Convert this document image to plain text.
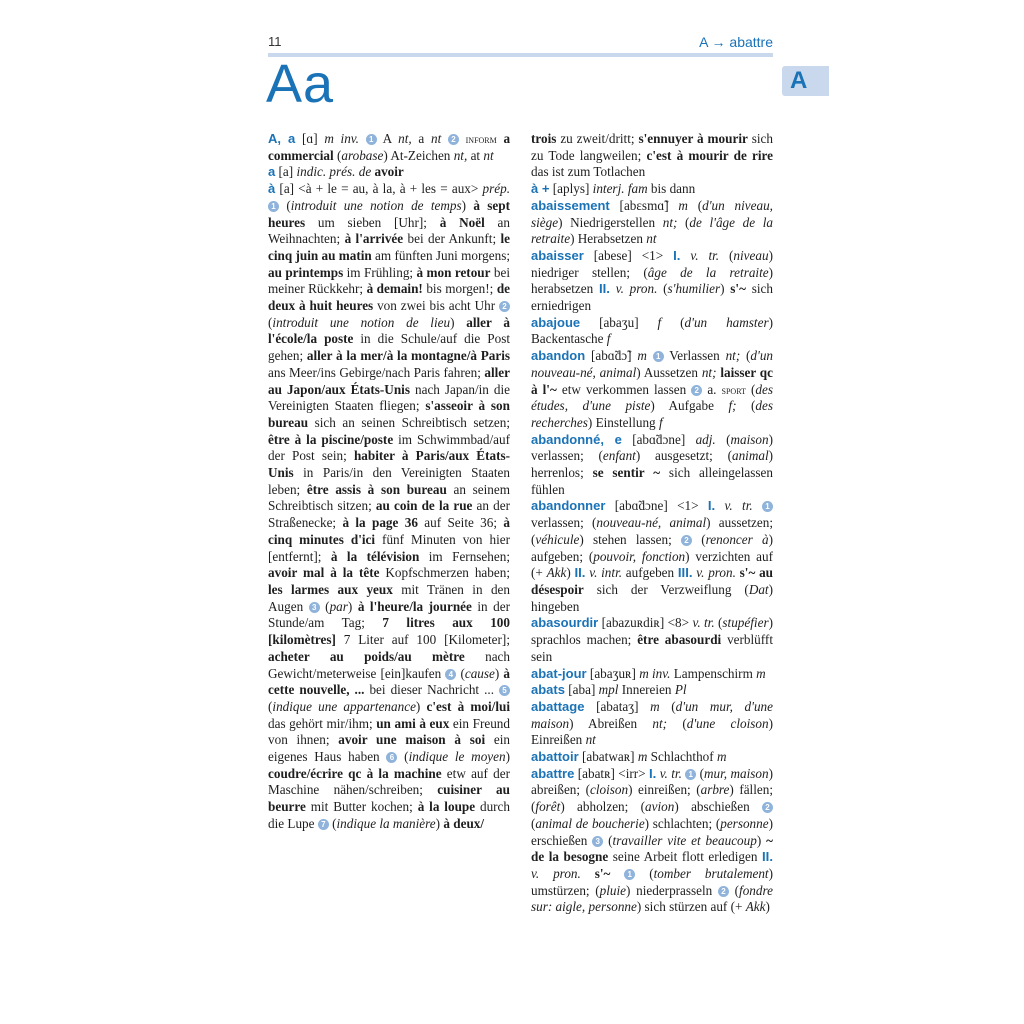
11	A → abattre
Aa	A

A, a [ɑ] m inv. 1 A nt, a nt 2 inform a commercial (arobase) At-Zeichen nt, at nt

a [a] indic. prés. de avoir

à [a] <à + le = au, à la, à + les = aux> prép. 1 (introduit une notion de temps) à sept heures um sieben [Uhr]; à Noël an Weihnachten; à l'arrivée bei der Ankunft; le cinq juin au matin am fünften Juni morgens; au printemps im Frühling; à mon retour bei meiner Rückkehr; à demain! bis morgen!; de deux à huit heures von zwei bis acht Uhr 2 (introduit une notion de lieu) aller à l'école/la poste in die Schule/auf die Post gehen; aller à la mer/à la montagne/à Paris ans Meer/ins Gebirge/nach Paris fahren; aller au Japon/aux États-Unis nach Japan/in die Vereinigten Staaten fliegen; s'asseoir à son bureau sich an seinen Schreibtisch setzen; être à la piscine/poste im Schwimmbad/auf der Post sein; habiter à Paris/aux États-Unis in Paris/in den Vereinigten Staaten leben; être assis à son bureau an seinem Schreibtisch sitzen; au coin de la rue an der Straßenecke; à la page 36 auf Seite 36; à cinq minutes d'ici fünf Minuten von hier [entfernt]; à la télévision im Fernsehen; avoir mal à la tête Kopfschmerzen haben; les larmes aux yeux mit Tränen in den Augen 3 (par) à l'heure/la journée in der Stunde/am Tag; 7 litres aux 100 [kilomètres] 7 Liter auf 100 [Kilometer]; acheter au poids/au mètre nach Gewicht/meterweise [ein]kaufen 4 (cause) à cette nouvelle, ... bei dieser Nachricht ... 5 (indique une appartenance) c'est à moi/lui das gehört mir/ihm; un ami à eux ein Freund von ihnen; avoir une maison à soi ein eigenes Haus haben 6 (indique le moyen) coudre/écrire qc à la machine etw auf der Maschine nähen/schreiben; cuisiner au beurre mit Butter kochen; à la loupe durch die Lupe 7 (indique la manière) à deux/

trois zu zweit/dritt; s'ennuyer à mourir sich zu Tode langweilen; c'est à mourir de rire das ist zum Totlachen

à + [aplys] interj. fam bis dann

abaissement [abɛsmɑ̃] m (d'un niveau, siège) Niedrigerstellen nt; (de l'âge de la retraite) Herabsetzen nt

abaisser [abese] <1> I. v. tr. (niveau) niedriger stellen; (âge de la retraite) herabsetzen II. v. pron. (s'humilier) s'~ sich erniedrigen

abajoue [abaʒu] f (d'un hamster) Backentasche f

abandon [abɑ̃dɔ̃] m 1 Verlassen nt; (d'un nouveau-né, animal) Aussetzen nt; laisser qc à l'~ etw verkommen lassen 2 a. sport (des études, d'une piste) Aufgabe f; (des recherches) Einstellung f

abandonné, e [abɑ̃dɔne] adj. (maison) verlassen; (enfant) ausgesetzt; (animal) herrenlos; se sentir ~ sich alleingelassen fühlen

abandonner [abɑ̃dɔne] <1> I. v. tr. 1 verlassen; (nouveau-né, animal) aussetzen; (véhicule) stehen lassen; 2 (renoncer à) aufgeben; (pouvoir, fonction) verzichten auf (+ Akk) II. v. intr. aufgeben III. v. pron. s'~ au désespoir sich der Verzweiflung (Dat) hingeben

abasourdir [abazuʀdiʀ] <8> v. tr. (stupéfier) sprachlos machen; être abasourdi verblüfft sein

abat-jour [abaʒuʀ] m inv. Lampenschirm m

abats [aba] mpl Innereien Pl

abattage [abataʒ] m (d'un mur, d'une maison) Abreißen nt; (d'une cloison) Einreißen nt

abattoir [abatwaʀ] m Schlachthof m

abattre [abatʀ] <irr> I. v. tr. 1 (mur, maison) abreißen; (cloison) einreißen; (arbre) fällen; (forêt) abholzen; (avion) abschießen 2 (animal de boucherie) schlachten; (personne) erschießen 3 (travailler vite et beaucoup) ~ de la besogne seine Arbeit flott erledigen II. v. pron. s'~ 1 (tomber brutalement) umstürzen; (pluie) niederprasseln 2 (fondre sur: aigle, personne) sich stürzen auf (+ Akk)
